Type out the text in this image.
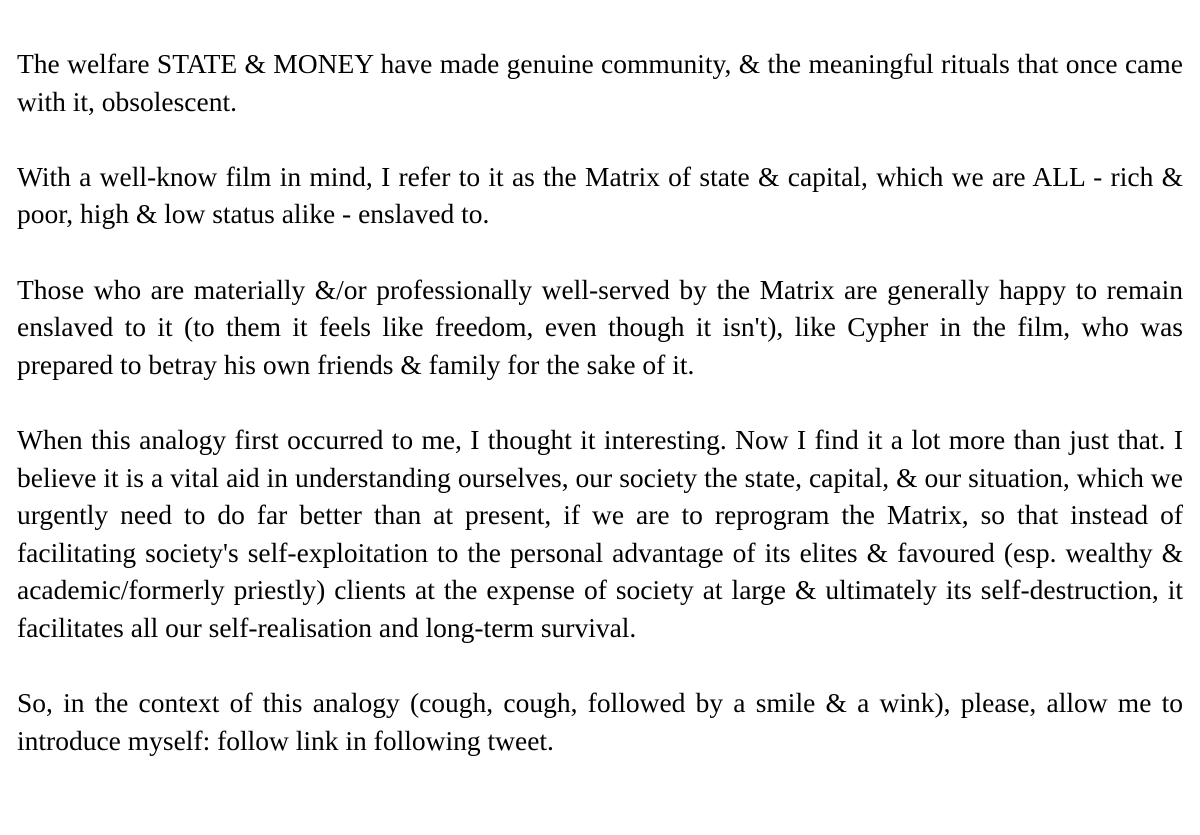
The welfare STATE & MONEY have made genuine community, & the meaningful rituals that once came with it, obsolescent.

With a well-know film in mind, I refer to it as the Matrix of state & capital, which we are ALL - rich & poor, high & low status alike - enslaved to.

Those who are materially &/or professionally well-served by the Matrix are generally happy to remain enslaved to it (to them it feels like freedom, even though it isn't), like Cypher in the film, who was prepared to betray his own friends & family for the sake of it.

When this analogy first occurred to me, I thought it interesting. Now I find it a lot more than just that. I believe it is a vital aid in understanding ourselves, our society the state, capital, & our situation, which we urgently need to do far better than at present, if we are to reprogram the Matrix, so that instead of facilitating society's self-exploitation to the personal advantage of its elites & favoured (esp. wealthy & academic/formerly priestly) clients at the expense of society at large & ultimately its self-destruction, it facilitates all our self-realisation and long-term survival.

So, in the context of this analogy (cough, cough, followed by a smile & a wink), please, allow me to introduce myself: follow link in following tweet.
